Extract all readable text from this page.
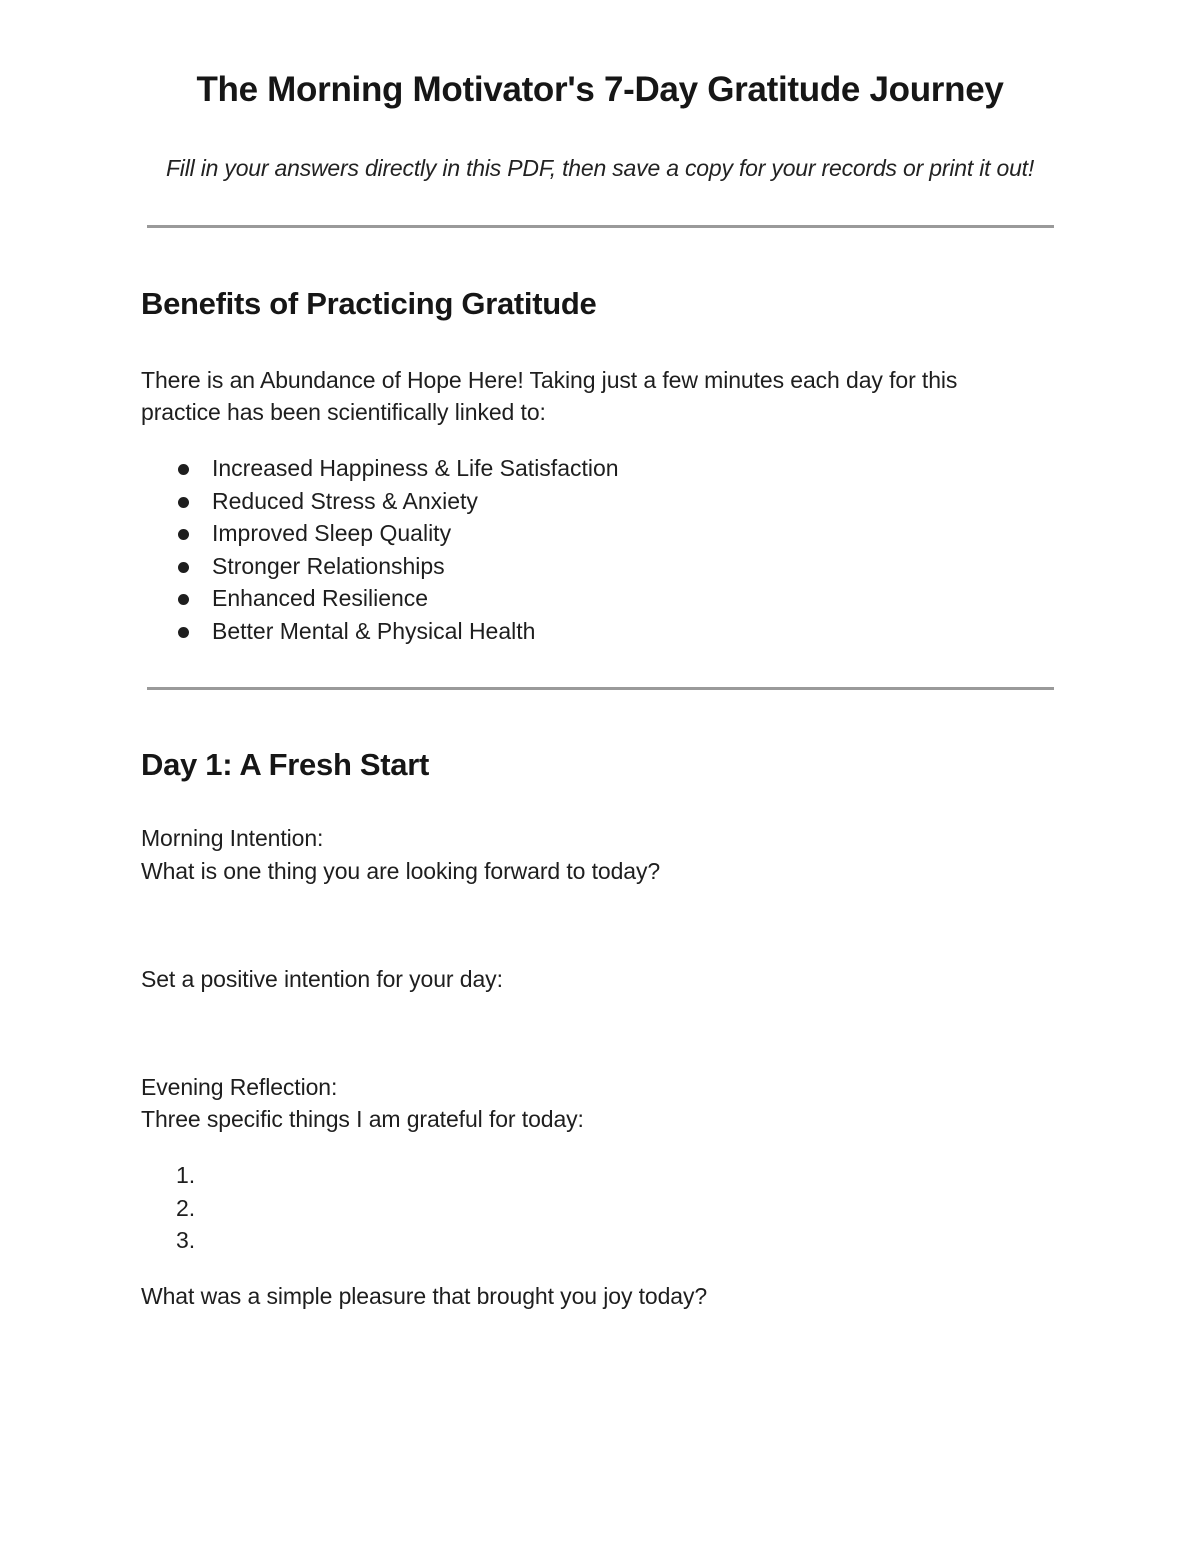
The Morning Motivator's 7-Day Gratitude Journey
Fill in your answers directly in this PDF, then save a copy for your records or print it out!
Benefits of Practicing Gratitude
There is an Abundance of Hope Here! Taking just a few minutes each day for this
practice has been scientifically linked to:
Increased Happiness & Life Satisfaction
Reduced Stress & Anxiety
Improved Sleep Quality
Stronger Relationships
Enhanced Resilience
Better Mental & Physical Health
Day 1: A Fresh Start
Morning Intention:
What is one thing you are looking forward to today?
Set a positive intention for your day:
Evening Reflection:
Three specific things I am grateful for today:
1.
2.
3.
What was a simple pleasure that brought you joy today?
